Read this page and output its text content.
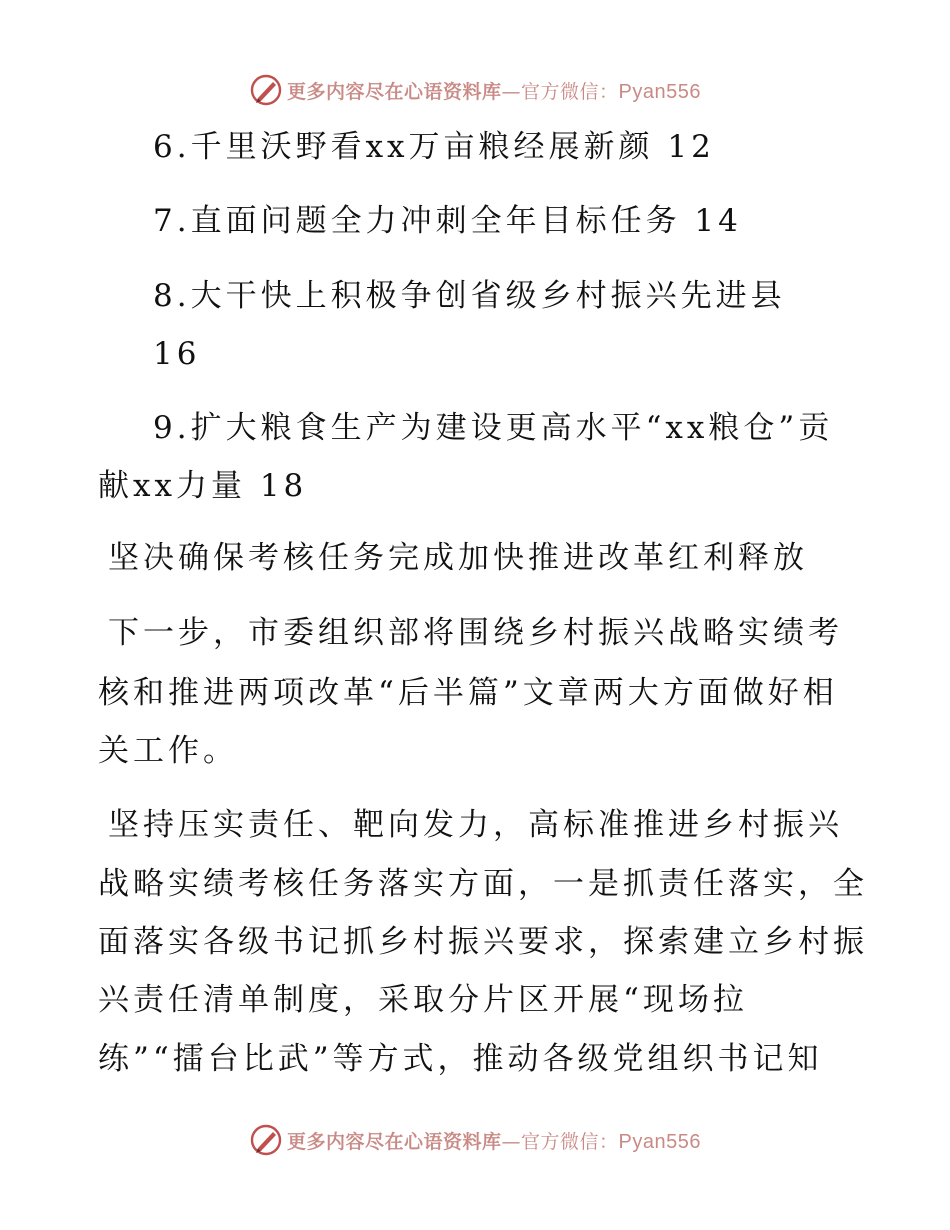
更多内容尽在心语资料库—官方微信：Pyan556
6.千里沃野看xx万亩粮经展新颜 12
7.直面问题全力冲刺全年目标任务 14
8.大干快上积极争创省级乡村振兴先进县
16
9.扩大粮食生产为建设更高水平“xx粮仓”贡
献xx力量 18
坚决确保考核任务完成加快推进改革红利释放
下一步，市委组织部将围绕乡村振兴战略实绩考
核和推进两项改革“后半篇”文章两大方面做好相
关工作。
坚持压实责任、靶向发力，高标准推进乡村振兴
战略实绩考核任务落实方面，一是抓责任落实，全
面落实各级书记抓乡村振兴要求，探索建立乡村振
兴责任清单制度，采取分片区开展“现场拉
练”“擂台比武”等方式，推动各级党组织书记知
更多内容尽在心语资料库—官方微信：Pyan556
